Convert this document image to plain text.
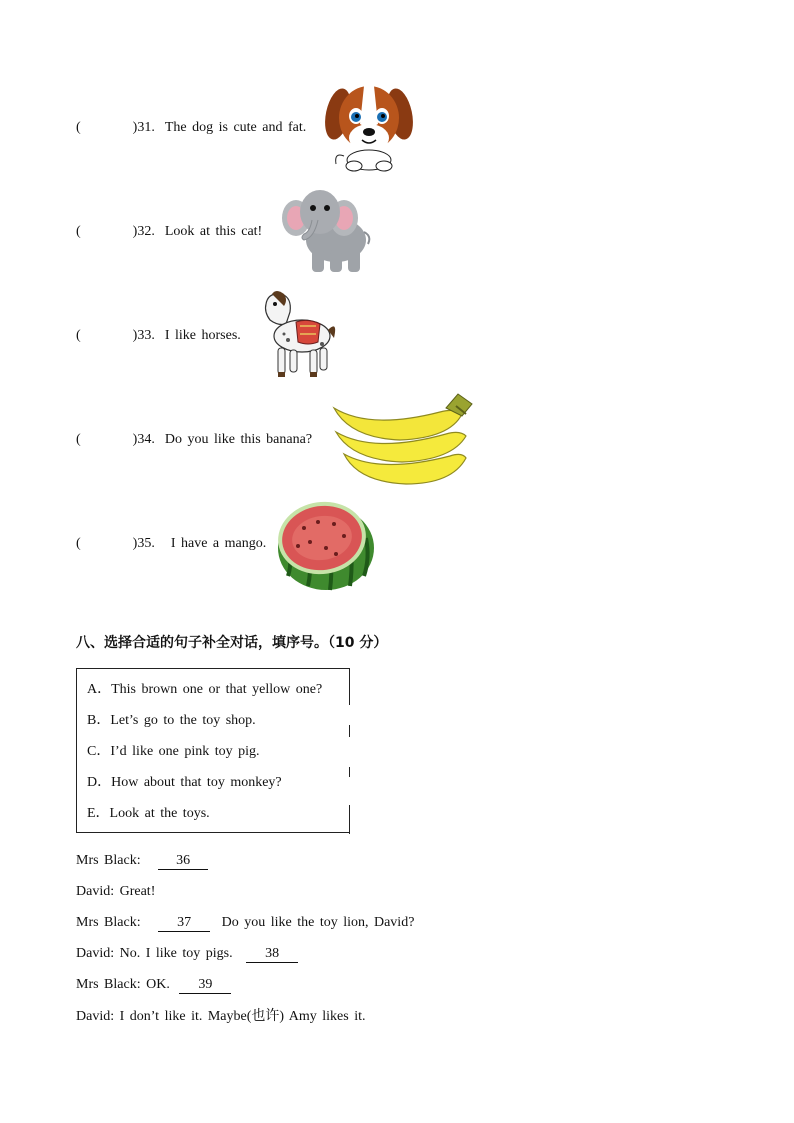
(	)31. The dog is cute and fat.
(	)32. Look at this cat!
(	)33. I like horses.
(	)34. Do you like this banana?
(	)35. I have a mango.
八、选择合适的句子补全对话，填序号。（10 分）
A．This brown one or that yellow one?
B．Let’s go to the toy shop.
C．I’d like one pink toy pig.
D．How about that toy monkey?
E．Look at the toys.
Mrs Black:	36
David: Great!
Mrs Black:	37 Do you like the toy lion, David?
David: No. I like toy pigs. 38
Mrs Black: OK. 39
David: I don’t like it. Maybe(也许) Amy likes it.
